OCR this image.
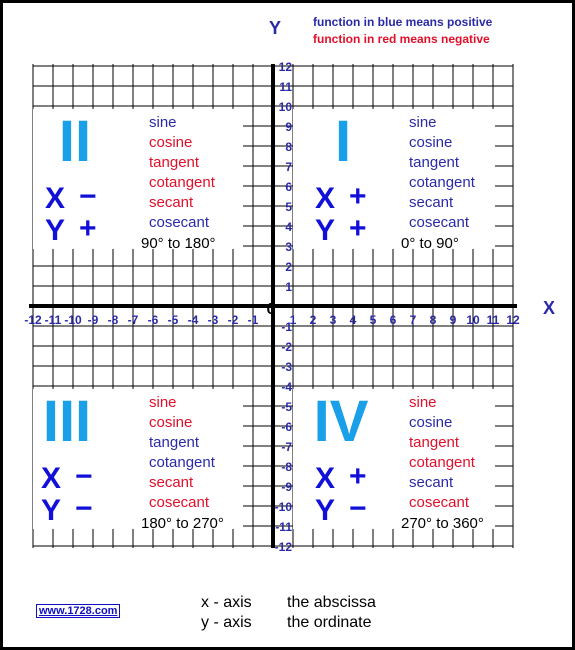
-12 -11 -10 -9 -8 -7 -6 -5 -4 -3 -2 -1	1 2 3 4 5 6 7 8 9 10 11 12
12
11
10
9
8
7
6
5
4
3
2
1
-1
-2
-3
-4
-5
-6
-7
-8
-9
-10
-11
-12
0	X
Y	function in blue means positive
function in red means negative
II
X −
Y +
sine
cosine
tangent
cotangent
secant
cosecant
90° to 180°
I
X +
Y +
sine
cosine
tangent
cotangent
secant
cosecant
0° to 90°
III
X −
Y −
sine
cosine
tangent
cotangent
secant
cosecant
180° to 270°
IV
X +
Y −
sine
cosine
tangent
cotangent
secant
cosecant
270° to 360°
www.1728.com	x - axis the abscissa
y - axis the ordinate
